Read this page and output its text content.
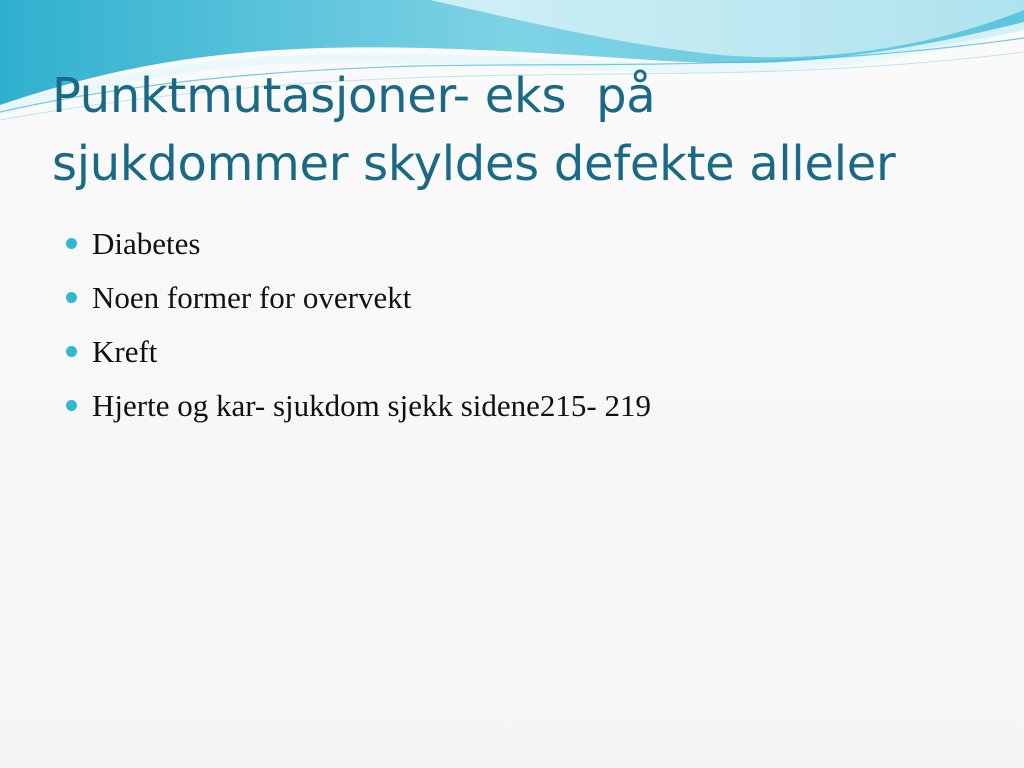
Punktmutasjoner- eks  på
sjukdommer skyldes defekte alleler
Diabetes
Noen former for overvekt
Kreft
Hjerte og kar- sjukdom sjekk sidene215- 219
